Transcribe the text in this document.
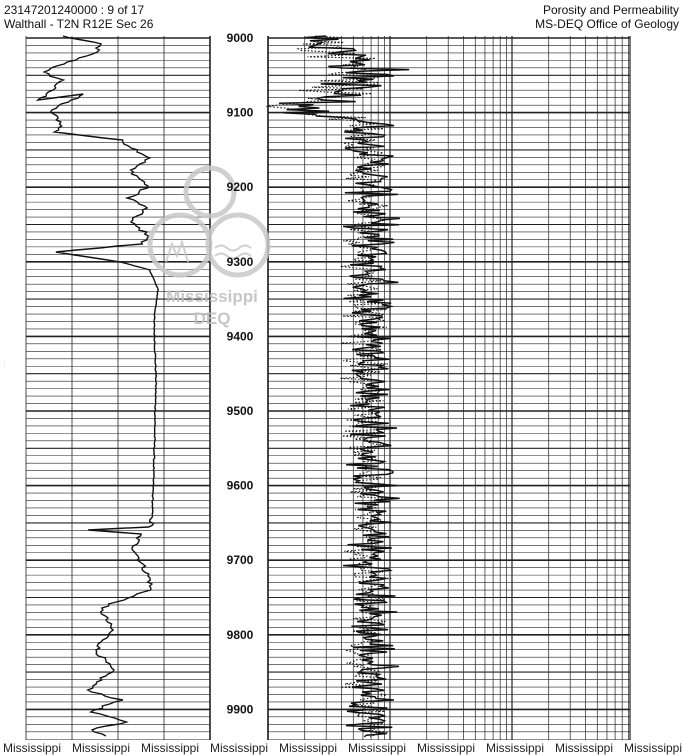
23147201240000 : 9 of 17
Walthall - T2N R12E Sec 26
Porosity and Permeability
MS-DEQ Office of Geology
Mississippi
DEQ
9000
9100
9200
9300
9400
9500
9600
9700
9800
9900
Mississippi Mississippi Mississippi Mississippi Mississippi Mississippi Mississippi Mississippi Mississippi Mississippi
· · · ·
